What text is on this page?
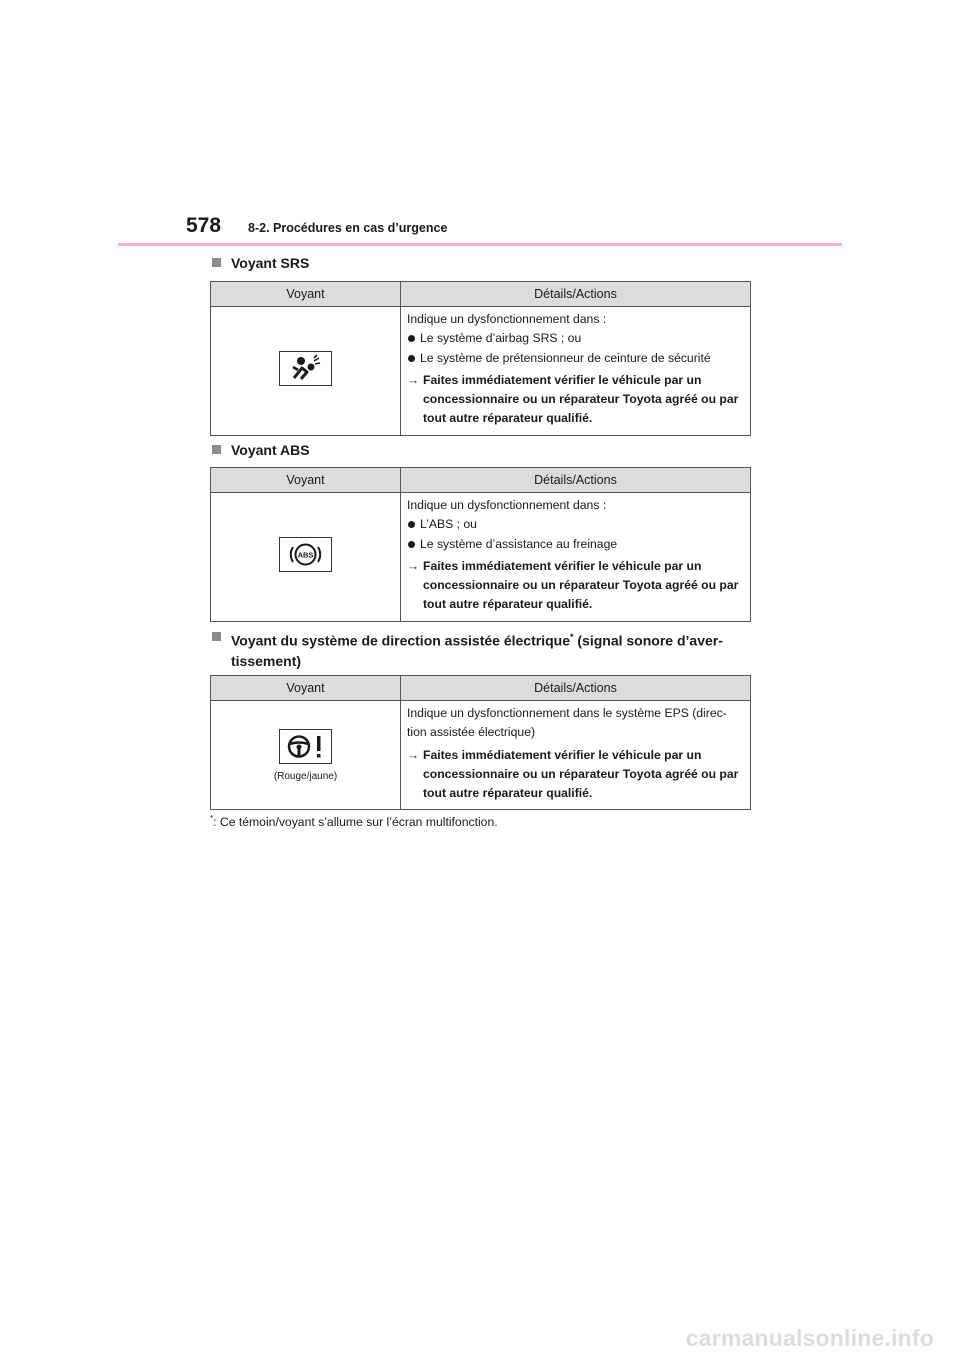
578	8-2. Procédures en cas d’urgence
Voyant SRS
Voyant	Détails/Actions

Indique un dysfonctionnement dans :
Le système d’airbag SRS ; ou
Le système de prétensionneur de ceinture de sécurité
→ Faites immédiatement vérifier le véhicule par un concessionnaire ou un réparateur Toyota agréé ou par tout autre réparateur qualifié.
Voyant ABS
Voyant	Détails/Actions

ABS	Indique un dysfonctionnement dans :
L’ABS ; ou
Le système d’assistance au freinage
→ Faites immédiatement vérifier le véhicule par un concessionnaire ou un réparateur Toyota agréé ou par tout autre réparateur qualifié.
Voyant du système de direction assistée électrique* (signal sonore d’aver-tissement)
Voyant	Détails/Actions

(Rouge/jaune)	Indique un dysfonctionnement dans le système EPS (direc-tion assistée électrique)
→ Faites immédiatement vérifier le véhicule par un concessionnaire ou un réparateur Toyota agréé ou par tout autre réparateur qualifié.
*: Ce témoin/voyant s’allume sur l’écran multifonction.
carmanualsonline.info
